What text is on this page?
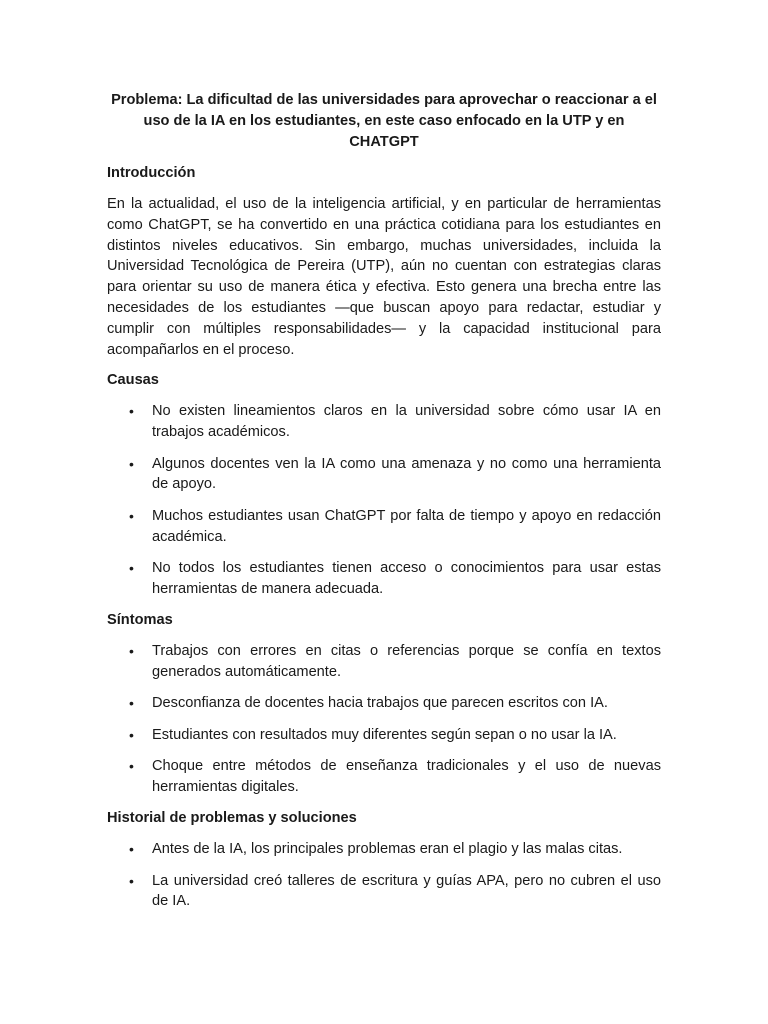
Problema: La dificultad de las universidades para aprovechar o reaccionar a el uso de la IA en los estudiantes, en este caso enfocado en la UTP y en CHATGPT
Introducción

En la actualidad, el uso de la inteligencia artificial, y en particular de herramientas como ChatGPT, se ha convertido en una práctica cotidiana para los estudiantes en distintos niveles educativos. Sin embargo, muchas universidades, incluida la Universidad Tecnológica de Pereira (UTP), aún no cuentan con estrategias claras para orientar su uso de manera ética y efectiva. Esto genera una brecha entre las necesidades de los estudiantes —que buscan apoyo para redactar, estudiar y cumplir con múltiples responsabilidades— y la capacidad institucional para acompañarlos en el proceso.

Causas
• No existen lineamientos claros en la universidad sobre cómo usar IA en trabajos académicos.
• Algunos docentes ven la IA como una amenaza y no como una herramienta de apoyo.
• Muchos estudiantes usan ChatGPT por falta de tiempo y apoyo en redacción académica.
• No todos los estudiantes tienen acceso o conocimientos para usar estas herramientas de manera adecuada.
Síntomas
• Trabajos con errores en citas o referencias porque se confía en textos generados automáticamente.
• Desconfianza de docentes hacia trabajos que parecen escritos con IA.
• Estudiantes con resultados muy diferentes según sepan o no usar la IA.
• Choque entre métodos de enseñanza tradicionales y el uso de nuevas herramientas digitales.
Historial de problemas y soluciones
• Antes de la IA, los principales problemas eran el plagio y las malas citas.
• La universidad creó talleres de escritura y guías APA, pero no cubren el uso de IA.
